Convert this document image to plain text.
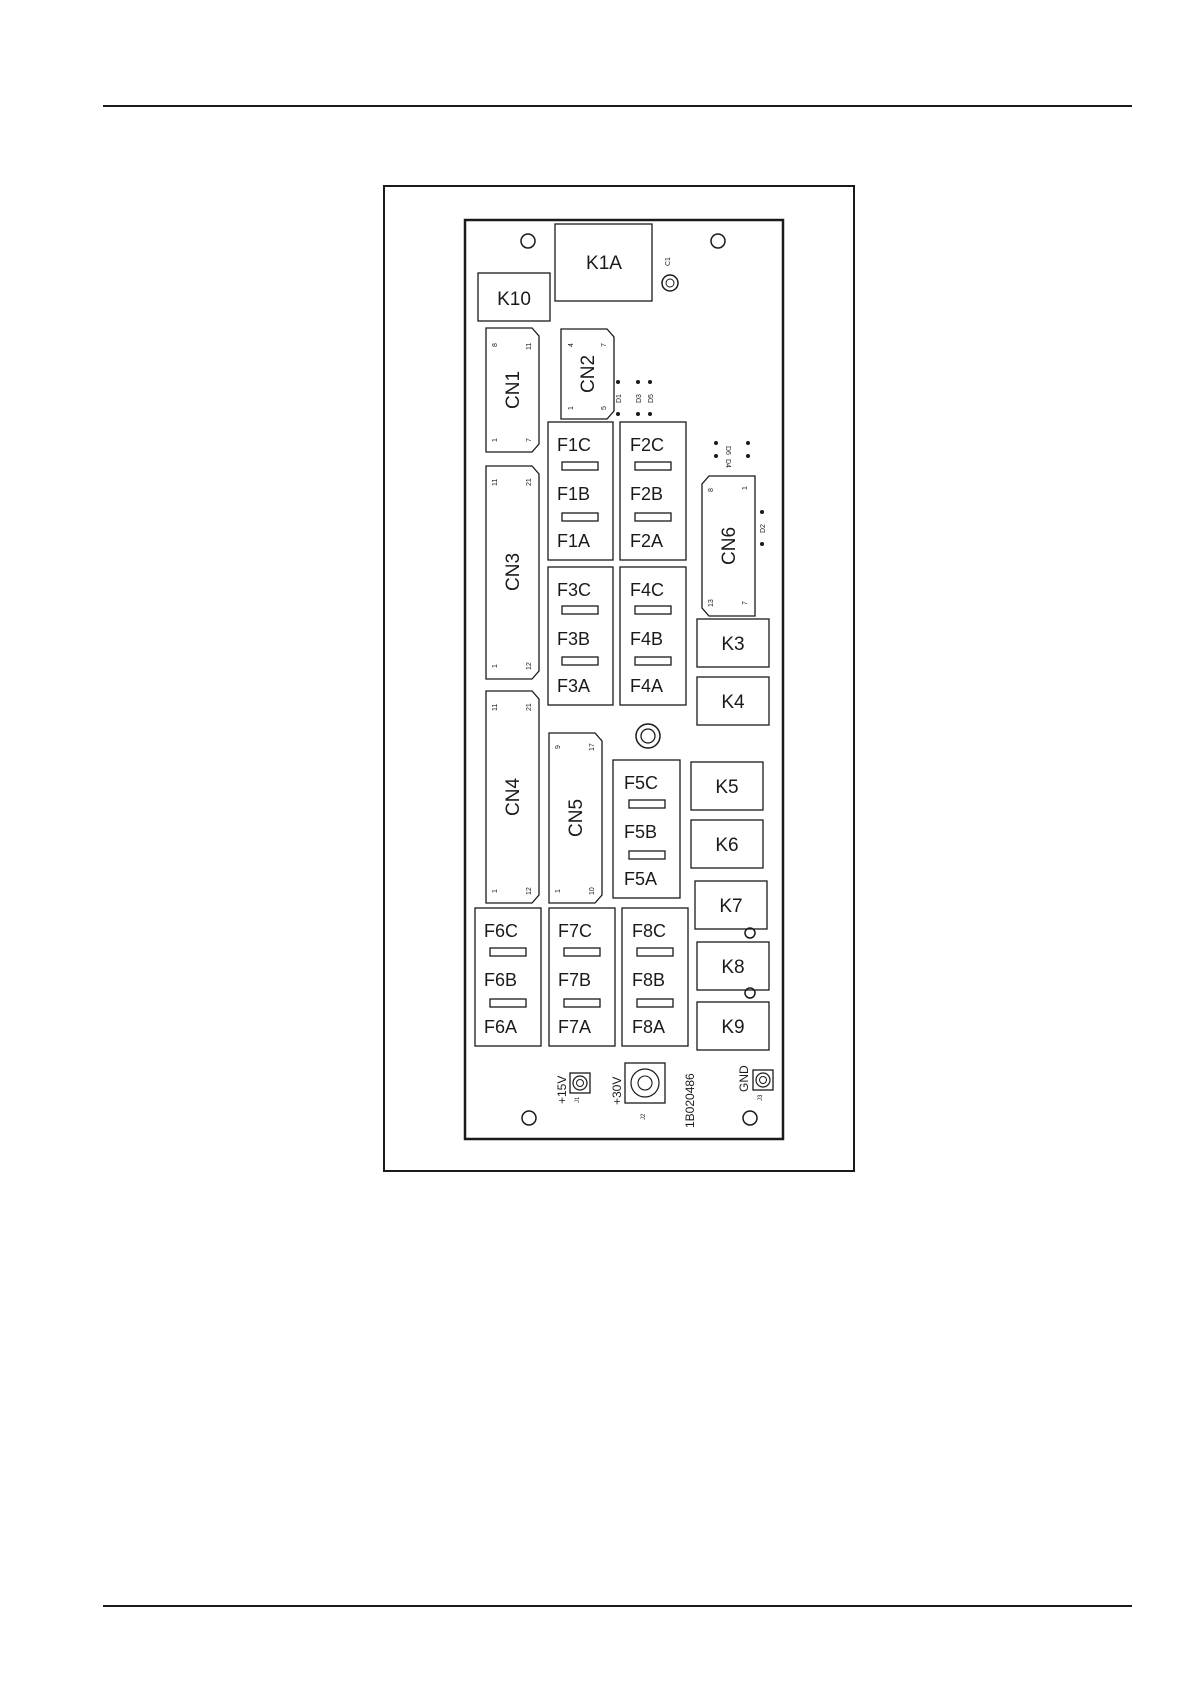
K1A
K10
K3
K4
K5
K6
K7
K8
K9
C1
CN1	CN2
CN3
CN4
CN5
CN6
8	11
1	7
4	7
1	5
11	21
1	12
11	21
1	12
9	17
1	10
8
1
13	7
D1 D3 D5
D6
D4
D2
F1C
F1B
F1A
F2C
F2B
F2A
F3C
F3B
F3A
F4C
F4B
F4A
F5C
F5B
F5A
F6C
F6B
F6A
F7C
F7B
F7A
F8C
F8B
F8A
+15V J1 +30V
J2
GND
J3
1B020486
